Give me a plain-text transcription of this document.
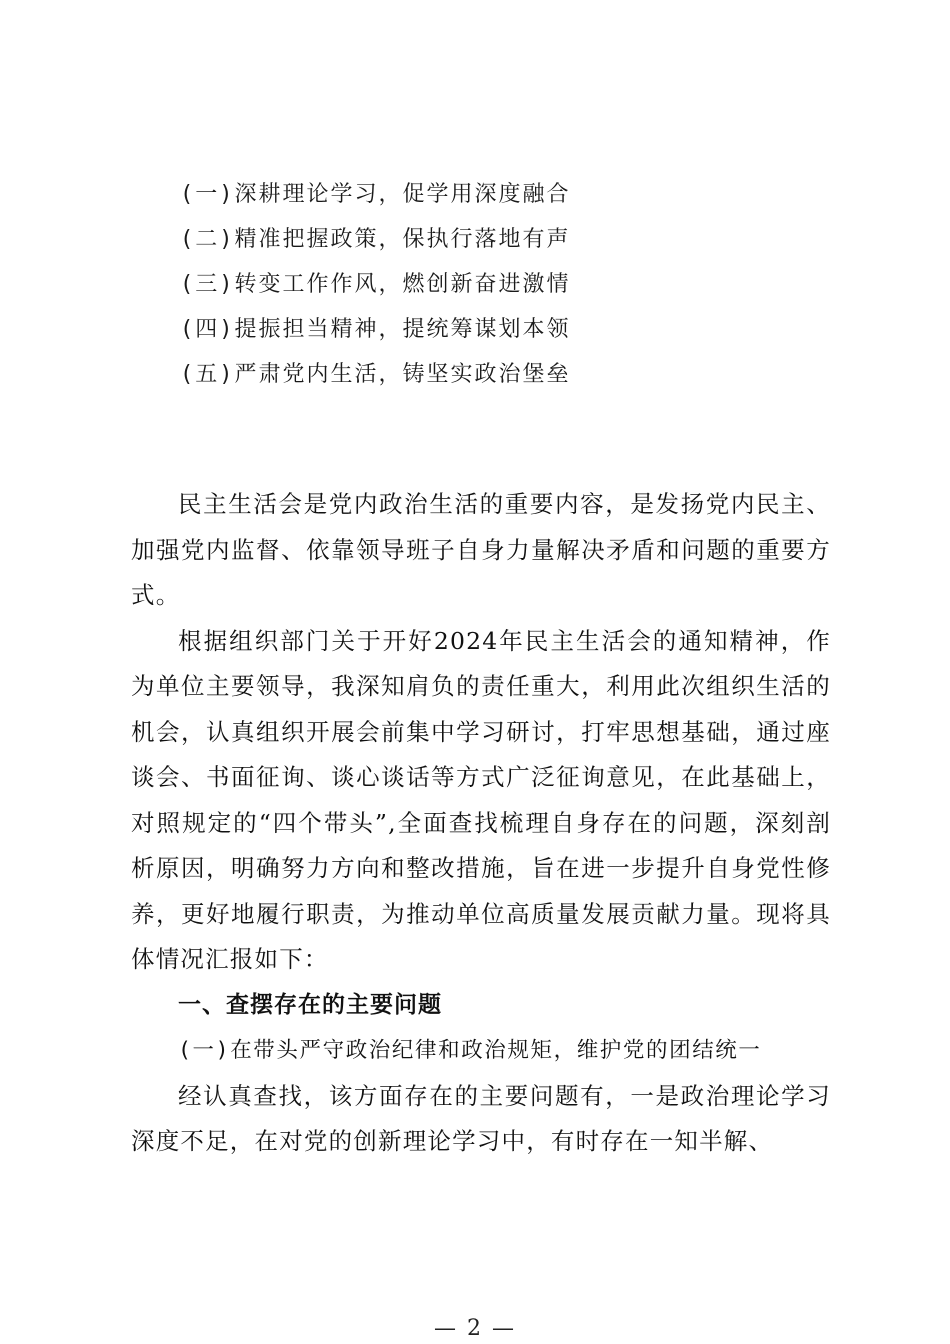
(一)深耕理论学习，促学用深度融合
(二)精准把握政策，保执行落地有声
(三)转变工作作风，燃创新奋进激情
(四)提振担当精神，提统筹谋划本领
(五)严肃党内生活，铸坚实政治堡垒

民主生活会是党内政治生活的重要内容，是发扬党内民主、加强党内监督、依靠领导班子自身力量解决矛盾和问题的重要方式。

根据组织部门关于开好2024年民主生活会的通知精神，作为单位主要领导，我深知肩负的责任重大，利用此次组织生活的机会，认真组织开展会前集中学习研讨，打牢思想基础，通过座谈会、书面征询、谈心谈话等方式广泛征询意见，在此基础上，对照规定的“四个带头”,全面查找梳理自身存在的问题，深刻剖析原因，明确努力方向和整改措施，旨在进一步提升自身党性修养，更好地履行职责，为推动单位高质量发展贡献力量。现将具体情况汇报如下：

一、查摆存在的主要问题

(一)在带头严守政治纪律和政治规矩，维护党的团结统一

经认真查找，该方面存在的主要问题有，一是政治理论学习深度不足，在对党的创新理论学习中，有时存在一知半解、

— 2 —
